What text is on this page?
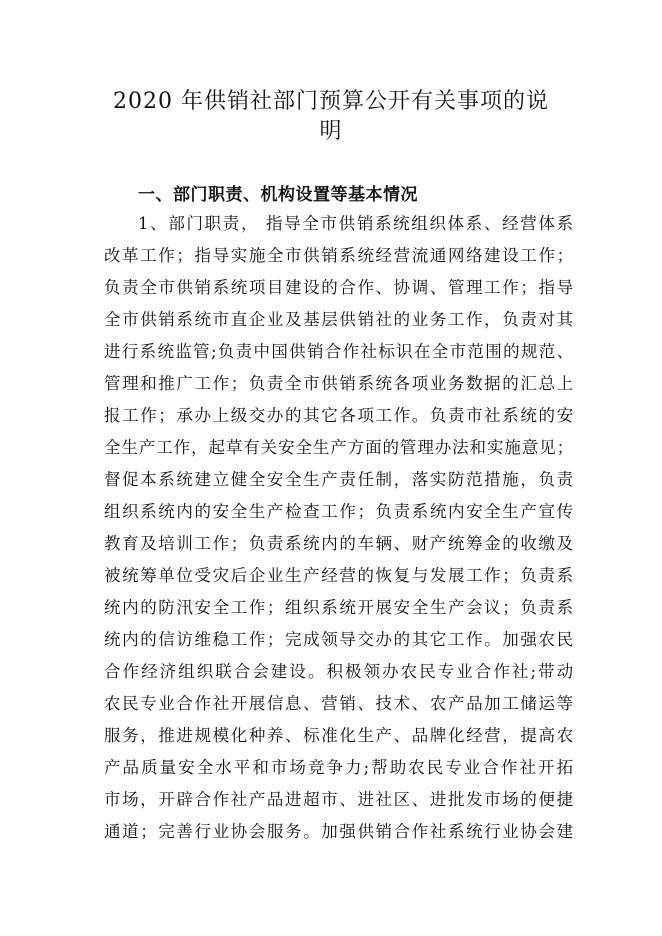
2020 年供销社部门预算公开有关事项的说
明
一、部门职责、机构设置等基本情况
1、部门职责， 指导全市供销系统组织体系、经营体系
改革工作；指导实施全市供销系统经营流通网络建设工作；
负责全市供销系统项目建设的合作、协调、管理工作；指导
全市供销系统市直企业及基层供销社的业务工作，负责对其
进行系统监管;负责中国供销合作社标识在全市范围的规范、
管理和推广工作；负责全市供销系统各项业务数据的汇总上
报工作；承办上级交办的其它各项工作。负责市社系统的安
全生产工作，起草有关安全生产方面的管理办法和实施意见；
督促本系统建立健全安全生产责任制，落实防范措施，负责
组织系统内的安全生产检查工作；负责系统内安全生产宣传
教育及培训工作；负责系统内的车辆、财产统筹金的收缴及
被统筹单位受灾后企业生产经营的恢复与发展工作；负责系
统内的防汛安全工作；组织系统开展安全生产会议；负责系
统内的信访维稳工作；完成领导交办的其它工作。加强农民
合作经济组织联合会建设。积极领办农民专业合作社;带动
农民专业合作社开展信息、营销、技术、农产品加工储运等
服务，推进规模化种养、标准化生产、品牌化经营，提高农
产品质量安全水平和市场竞争力;帮助农民专业合作社开拓
市场，开辟合作社产品进超市、进社区、进批发市场的便捷
通道；完善行业协会服务。加强供销合作社系统行业协会建
